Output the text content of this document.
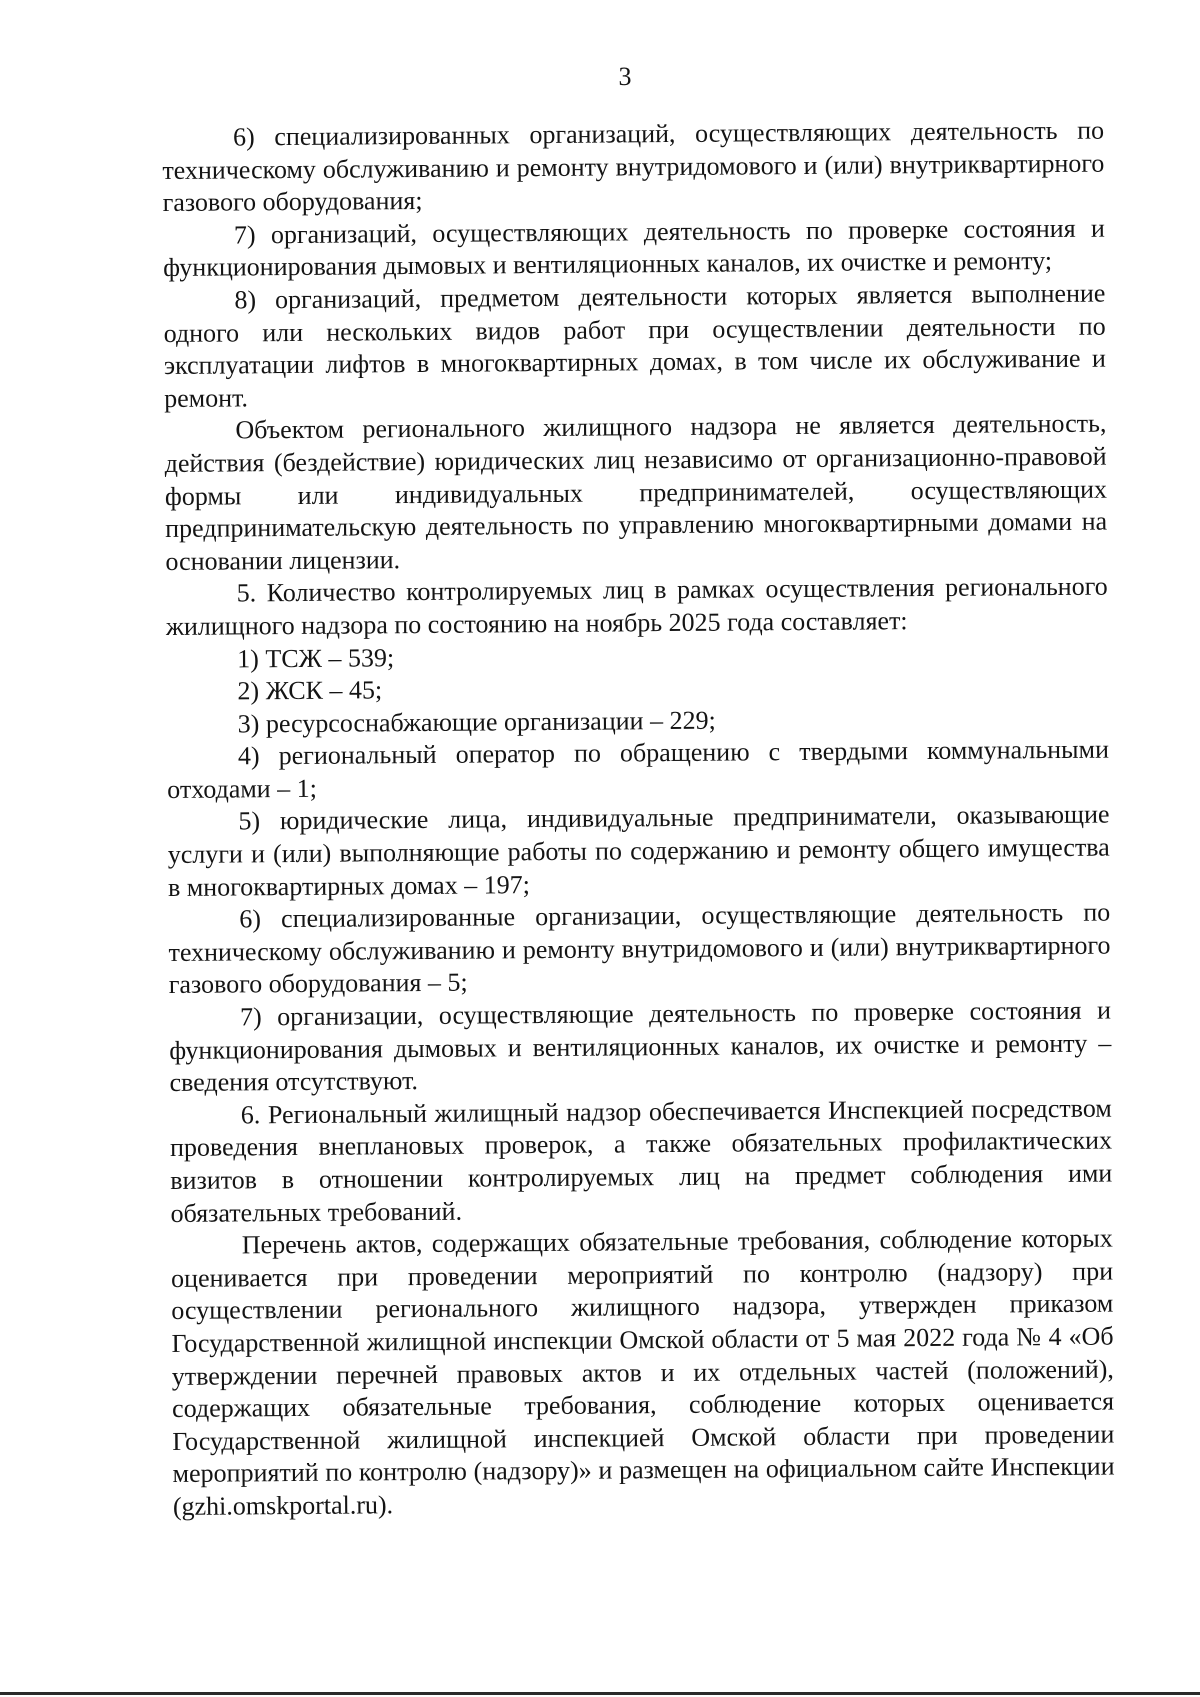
3

6) специализированных организаций, осуществляющих деятельность по техническому обслуживанию и ремонту внутридомового и (или) внутриквартирного газового оборудования;

7) организаций, осуществляющих деятельность по проверке состояния и функционирования дымовых и вентиляционных каналов, их очистке и ремонту;

8) организаций, предметом деятельности которых является выполнение одного или нескольких видов работ при осуществлении деятельности по эксплуатации лифтов в многоквартирных домах, в том числе их обслуживание и ремонт.

Объектом регионального жилищного надзора не является деятельность, действия (бездействие) юридических лиц независимо от организационно-правовой формы или индивидуальных предпринимателей, осуществляющих предпринимательскую деятельность по управлению многоквартирными домами на основании лицензии.

5. Количество контролируемых лиц в рамках осуществления регионального жилищного надзора по состоянию на ноябрь 2025 года составляет:

1) ТСЖ – 539;

2) ЖСК – 45;

3) ресурсоснабжающие организации – 229;

4) региональный оператор по обращению с твердыми коммунальными отходами – 1;

5) юридические лица, индивидуальные предприниматели, оказывающие услуги и (или) выполняющие работы по содержанию и ремонту общего имущества в многоквартирных домах – 197;

6) специализированные организации, осуществляющие деятельность по техническому обслуживанию и ремонту внутридомового и (или) внутриквартирного газового оборудования – 5;

7) организации, осуществляющие деятельность по проверке состояния и функционирования дымовых и вентиляционных каналов, их очистке и ремонту – сведения отсутствуют.

6. Региональный жилищный надзор обеспечивается Инспекцией посредством проведения внеплановых проверок, а также обязательных профилактических визитов в отношении контролируемых лиц на предмет соблюдения ими обязательных требований.

Перечень актов, содержащих обязательные требования, соблюдение которых оценивается при проведении мероприятий по контролю (надзору) при осуществлении регионального жилищного надзора, утвержден приказом Государственной жилищной инспекции Омской области от 5 мая 2022 года № 4 «Об утверждении перечней правовых актов и их отдельных частей (положений), содержащих обязательные требования, соблюдение которых оценивается Государственной жилищной инспекцией Омской области при проведении мероприятий по контролю (надзору)» и размещен на официальном сайте Инспекции (gzhi.omskportal.ru).
